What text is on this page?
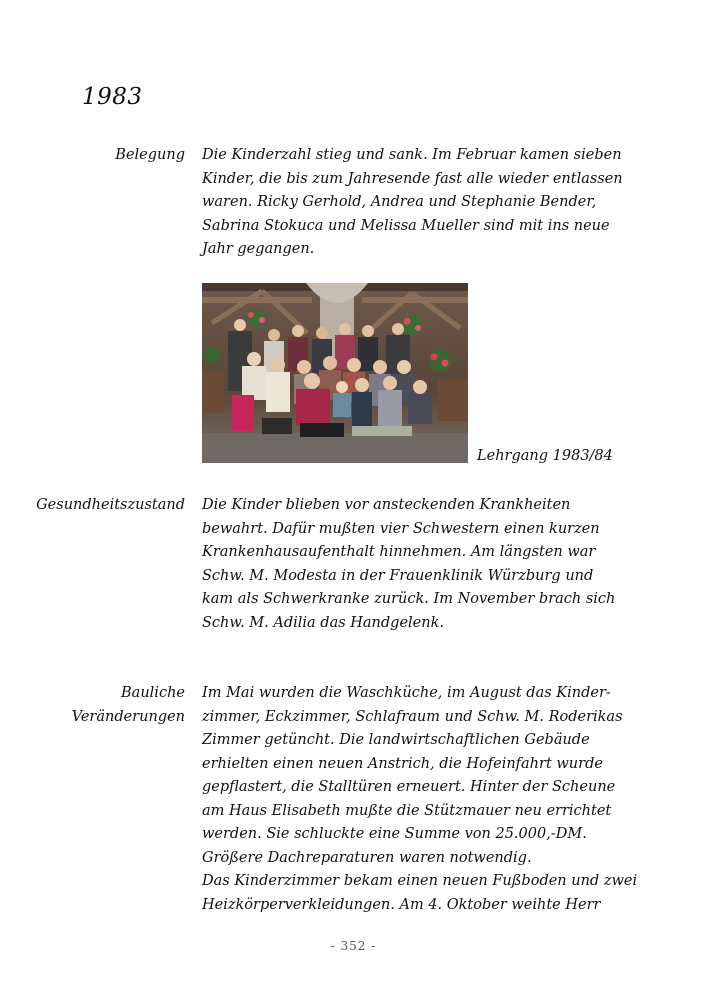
1983
Belegung Die Kinderzahl stieg und sank. Im Februar kamen sieben
Kinder, die bis zum Jahresende fast alle wieder entlassen
waren. Ricky Gerhold, Andrea und Stephanie Bender,
Sabrina Stokuca und Melissa Mueller sind mit ins neue
Jahr gegangen.
Lehrgang 1983/84
Gesundheitszustand Die Kinder blieben vor ansteckenden Krankheiten
bewahrt. Dafür mußten vier Schwestern einen kurzen
Krankenhausaufenthalt hinnehmen. Am längsten war
Schw. M. Modesta in der Frauenklinik Würzburg und
kam als Schwerkranke zurück. Im November brach sich
Schw. M. Adilia das Handgelenk.
Bauliche
Veränderungen
Im Mai wurden die Waschküche, im August das Kinder-
zimmer, Eckzimmer, Schlafraum und Schw. M. Roderikas
Zimmer getüncht. Die landwirtschaftlichen Gebäude
erhielten einen neuen Anstrich, die Hofeinfahrt wurde
gepflastert, die Stalltüren erneuert. Hinter der Scheune
am Haus Elisabeth mußte die Stützmauer neu errichtet
werden. Sie schluckte eine Summe von 25.000,-DM.
Größere Dachreparaturen waren notwendig.
Das Kinderzimmer bekam einen neuen Fußboden und zwei
Heizkörperverkleidungen. Am 4. Oktober weihte Herr
- 352 -
